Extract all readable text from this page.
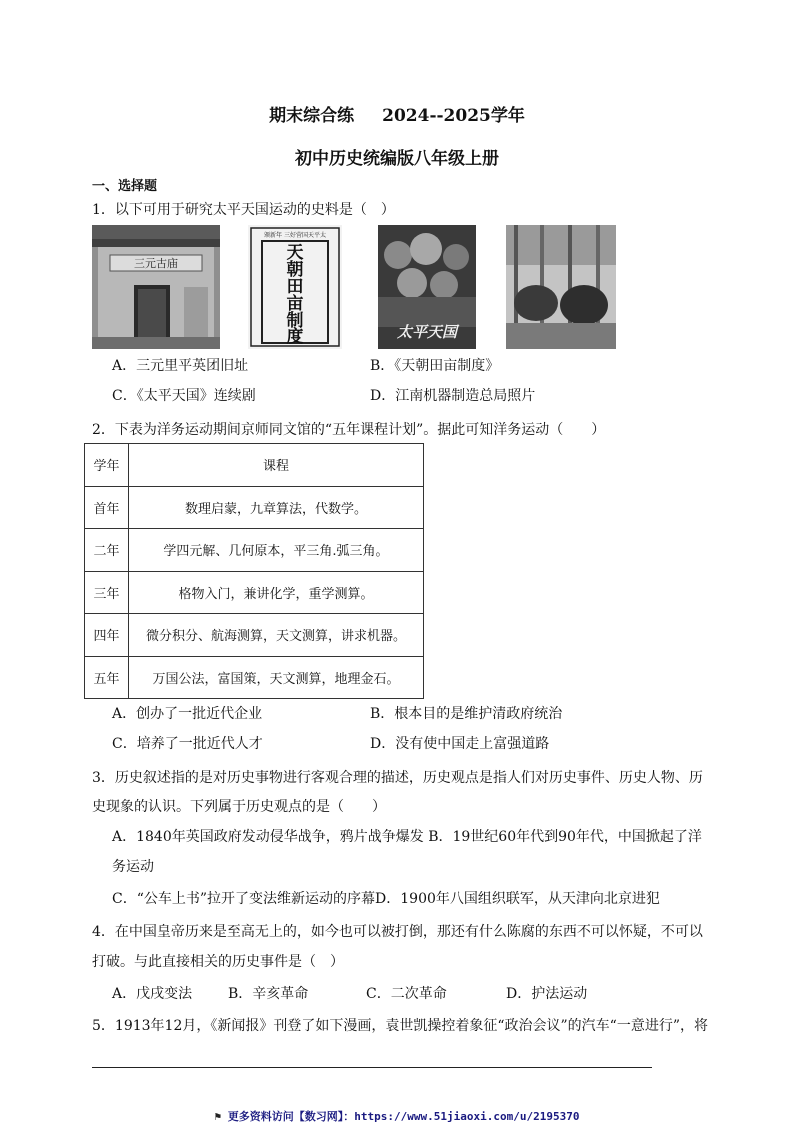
期末综合练 2024--2025学年
初中历史统编版八年级上册
一、选择题
1．以下可用于研究太平天国运动的史料是（　）
三元古庙
颁新年 三好营国天平太
天
朝
田
亩
制
度	太平天国
A．三元里平英团旧址	B．《天朝田亩制度》
C．《太平天国》连续剧	D．江南机器制造总局照片
2．下表为洋务运动期间京师同文馆的“五年课程计划”。据此可知洋务运动（　　）
学年	课程
首年	数理启蒙，九章算法，代数学。
二年	学四元解、几何原本，平三角.弧三角。
三年	格物入门，兼讲化学，重学测算。
四年	微分积分、航海测算，天文测算，讲求机器。
五年	万国公法，富国策，天文测算，地理金石。
A．创办了一批近代企业	B．根本目的是维护清政府统治
C．培养了一批近代人才	D．没有使中国走上富强道路
3．历史叙述指的是对历史事物进行客观合理的描述，历史观点是指人们对历史事件、历史人物、历
史现象的认识。下列属于历史观点的是（　　）
A．1840年英国政府发动侵华战争，鸦片战争爆发 B．19世纪60年代到90年代，中国掀起了洋
务运动
C．“公车上书”拉开了变法维新运动的序幕D．1900年八国组织联军，从天津向北京进犯
4．在中国皇帝历来是至高无上的，如今也可以被打倒，那还有什么陈腐的东西不可以怀疑，不可以
打破。与此直接相关的历史事件是（　）
A．戊戌变法	B．辛亥革命	C．二次革命	D．护法运动
5．1913年12月，《新闻报》刊登了如下漫画，袁世凯操控着象征“政治会议”的汽车“一意进行”，将
⚑ 更多资料访问【数习网】：https://www.51jiaoxi.com/u/2195370
